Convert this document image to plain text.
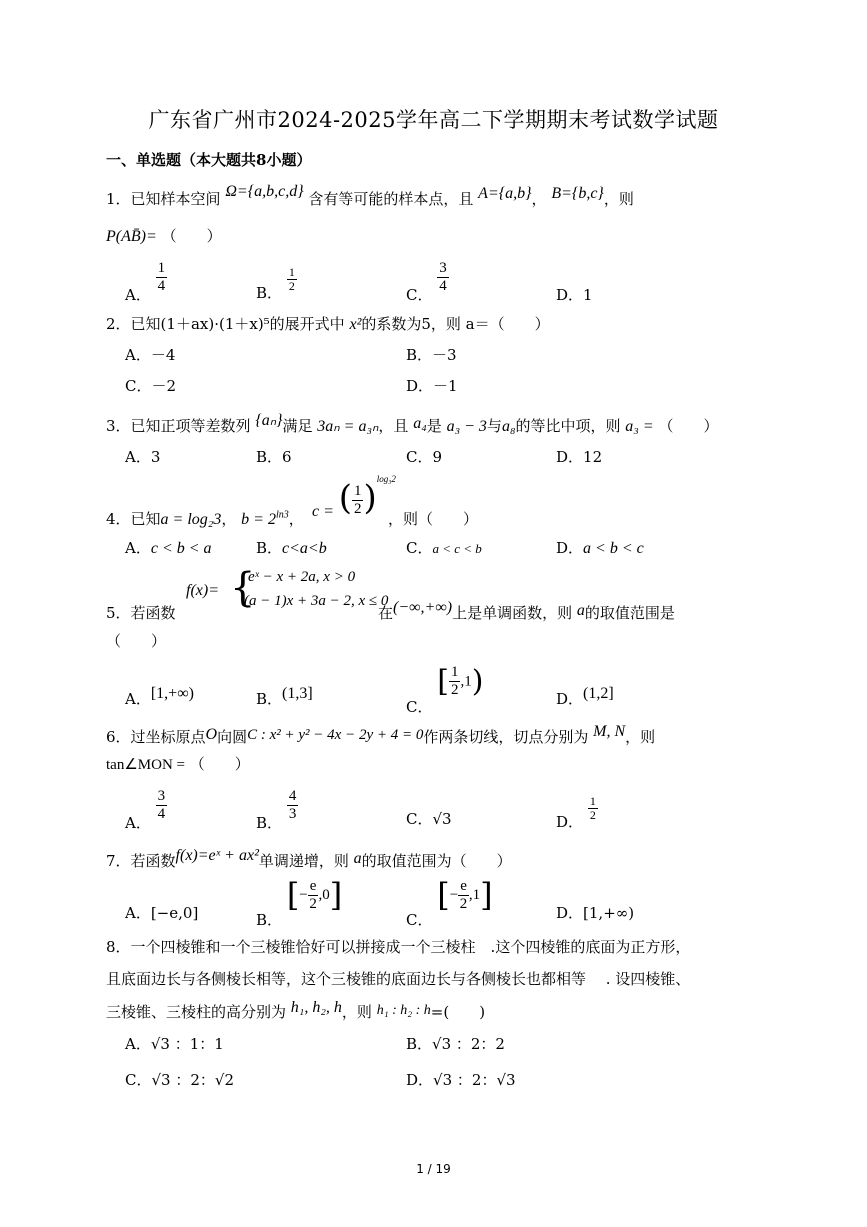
广东省广州市2024-2025学年高二下学期期末考试数学试题
一、单选题（本大题共8小题）
1．已知样本空间 Ω={a,b,c,d} 含有等可能的样本点，且 A={a,b}， B={b,c}，则
P(AB̄)= （　　）
A． $\frac{1}{4}$	B． $\frac{1}{2}$
C． $\frac{3}{4}$	D．1
2．已知(1＋ax)·(1＋x)⁵的展开式中 x²的系数为5，则 a＝（　　）
A．－4	B．－3
C．－2	D．－1
3．已知正项等差数列 {aₙ}满足 3aₙ = a₃ₙ，且 a₄是 a₃ − 3与a₈的等比中项，则 a₃ = （　　）
A．3	B．6	C．9	D．12
4．已知a = log₂3， $b = 2^{ln3}$， c = ( $\frac{1}{2} )^{log_32}$
，则（　　）
A．c < b < a	B．c<a<b	C．a < c < b	D．a < b < c
5．若函数
f(x)= {
eˣ − x + 2a, x > 0
(a − 1)x + 3a − 2, x ≤ 0
在(−∞,+∞)上是单调函数，则 a的取值范围是
（　　）
A．[1,+∞)	B．(1,3]
C． [ $\frac{1}{2} ,1$)	D．(1,2]
6．过坐标原点O向圆C : x² + y² − 4x − 2y + 4 = 0作两条切线，切点分别为 M, N，则
tan∠MON = （　　）
A． $\frac{3}{4}$	B． $\frac{4}{3}$	C．√3	D． $\frac{1}{2}$
7．若函数f(x)=eˣ + ax²单调递增，则 a的取值范围为（　　）
A．[−e,0]	B． [− $\frac{e}{2} ,0$]
C． [− $\frac{e}{2} ,1$]	D．[1,+∞)
8．一个四棱锥和一个三棱锥恰好可以拼接成一个三棱柱　.这个四棱锥的底面为正方形，
且底面边长与各侧棱长相等，这个三棱锥的底面边长与各侧棱长也都相等　 . 设四棱锥、
三棱锥、三棱柱的高分别为 h₁, h₂, h，则 h₁ : h₂ : h=(　　)
A．√3 ：1：1	B．√3 ：2：2
C．√3 ：2：√2	D．√3 ：2：√3
1 / 19
